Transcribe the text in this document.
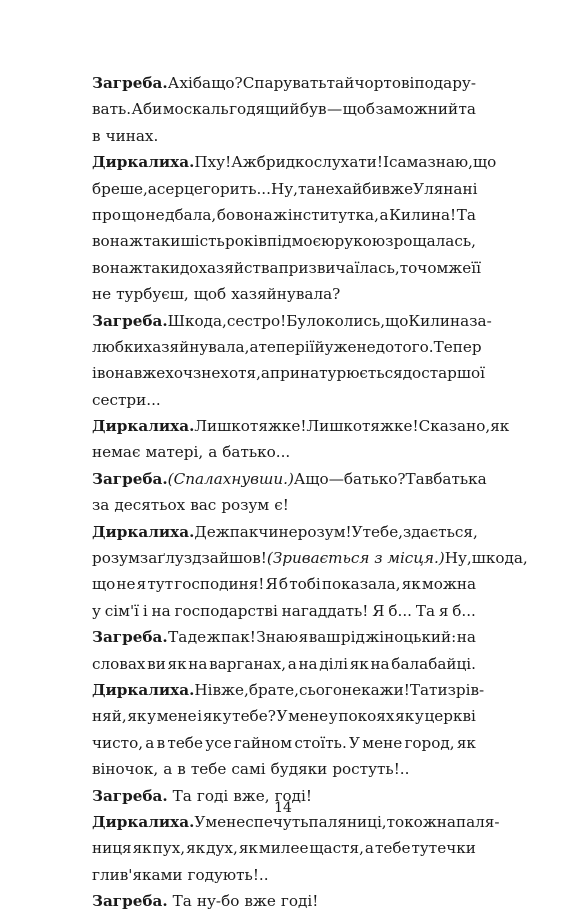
Загреба. А хіба що? Спарувать та й чортові подару-
вать. Аби москаль годящий був — щоб заможний та
в чинах.
Диркалиха. Пху! Аж бридко слухати! І сама знаю, що
бреше, а серце горить... Ну, та нехай би вже Уляна ні
про що не дбала, бо вона ж інститутка, а Килина! Та
вона ж таки шість років під моєю рукою зрощалась,
вона ж таки до хазяйства призвичаїлась, то чом же її
не турбуєш, щоб хазяйнувала?
Загреба. Шкода, сестро! Було колись, що Килина за-
любки хазяйнувала, а тепер і їй уже не до того. Тепер
і вона вже хоч знехотя, а принатурюється до старшої
сестри...
Диркалиха. Лишко тяжке! Лишко тяжке! Сказано, як
немає матері, а батько...
Загреба. (Спалахнувши.) А що — батько? Та в батька
за десятьох вас розум є!
Диркалиха. Де ж пак чи не розум! У тебе, здається,
розум за ґлузд зайшов! (Зривається з місця.) Ну, шкода,
що не я тут господиня! Я б тобі показала, як можна
у сім'ї і на господарстві нагаддать! Я б... Та я б...
Загреба. Та де ж пак! Знаю я ваш рід жіноцький: на
словах ви як на варганах, а на ділі як на балабайці.
Диркалиха. Ні вже, брате, сього не кажи! Та ти зрів-
няй, як у мене і як у тебе? У мене у покоях як у церкві
чисто, а в тебе усе гайном стоїть. У мене город, як
віночок, а в тебе самі будяки ростуть!..
Загреба. Та годі вже, годі!
Диркалиха. У мене спечуть паляниці, то кожна паля-
ниця як пух, як дух, як милее щастя, а тебе тутечки
глив'яками годують!..
Загреба. Та ну-бо вже годі!
14
